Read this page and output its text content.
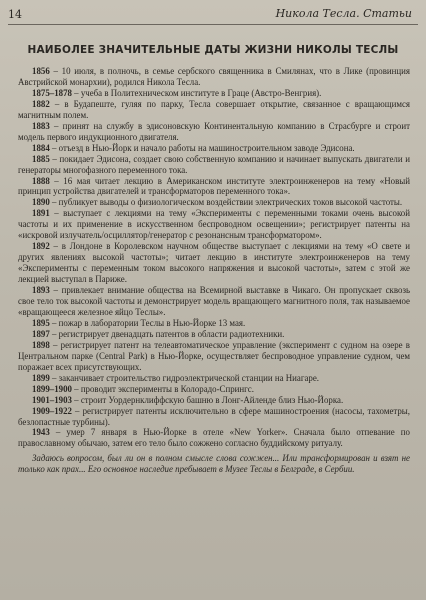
14	Никола Тесла. Статьи
НАИБОЛЕЕ ЗНАЧИТЕЛЬНЫЕ ДАТЫ ЖИЗНИ НИКОЛЫ ТЕСЛЫ

1856 – 10 июля, в полночь, в семье сербского священника в Смилянах, что в Лике (провинция Австрийской монархии), родился Никола Тесла.

1875–1878 – учеба в Политехническом институте в Граце (Австро-Венгрия).

1882 – в Будапеште, гуляя по парку, Тесла совершает открытие, связанное с вращающимся магнитным полем.

1883 – принят на службу в эдисоновскую Континентальную компанию в Страсбурге и строит модель первого индукционного двигателя.

1884 – отъезд в Нью-Йорк и начало работы на машиностроительном заводе Эдисона.

1885 – покидает Эдисона, создает свою собственную компанию и начинает выпускать двигатели и генераторы многофазного переменного тока.

1888 – 16 мая читает лекцию в Американском институте электроинженеров на тему «Новый принцип устройства двигателей и трансформаторов переменного тока».

1890 – публикует выводы о физиологическом воздействии электрических токов высокой частоты.

1891 – выступает с лекциями на тему «Эксперименты с переменными токами очень высокой частоты и их применение в искусственном беспроводном освещении»; регистрирует патенты на «искровой излучатель/осциллятор/генератор с резонансным трансформатором».

1892 – в Лондоне в Королевском научном обществе выступает с лекциями на тему «О свете и других явлениях высокой частоты»; читает лекцию в институте электроинженеров на тему «Эксперименты с переменным током высокого напряжения и высокой частоты», затем с этой же лекцией выступал в Париже.

1893 – привлекает внимание общества на Всемирной выставке в Чикаго. Он пропускает сквозь свое тело ток высокой частоты и демонстрирует модель вращающего магнитного поля, так называемое «вращающееся железное яйцо Теслы».

1895 – пожар в лаборатории Теслы в Нью-Йорке 13 мая.

1897 – регистрирует двенадцать патентов в области радиотехники.

1898 – регистрирует патент на телеавтоматическое управление (эксперимент с судном на озере в Центральном парке (Central Park) в Нью-Йорке, осуществляет беспроводное управление судном, чем поражает всех присутствующих.

1899 – заканчивает строительство гидроэлектрической станции на Ниагаре.

1899–1900 – проводит эксперименты в Колорадо-Спрингс.

1901–1903 – строит Уордернклиффскую башню в Лонг-Айленде близ Нью-Йорка.

1909–1922 – регистрирует патенты исключительно в сфере машиностроения (насосы, тахометры, безлопастные турбины).

1943 – умер 7 января в Нью-Йорке в отеле «New Yorker». Сначала было отпевание по православному обычаю, затем его тело было сожжено согласно буддийскому ритуалу.

Задаюсь вопросом, был ли он в полном смысле слова сожжен... Или трансформирован и взят не только как прах... Его основное наследие пребывает в Музее Теслы в Белграде, в Сербии.
